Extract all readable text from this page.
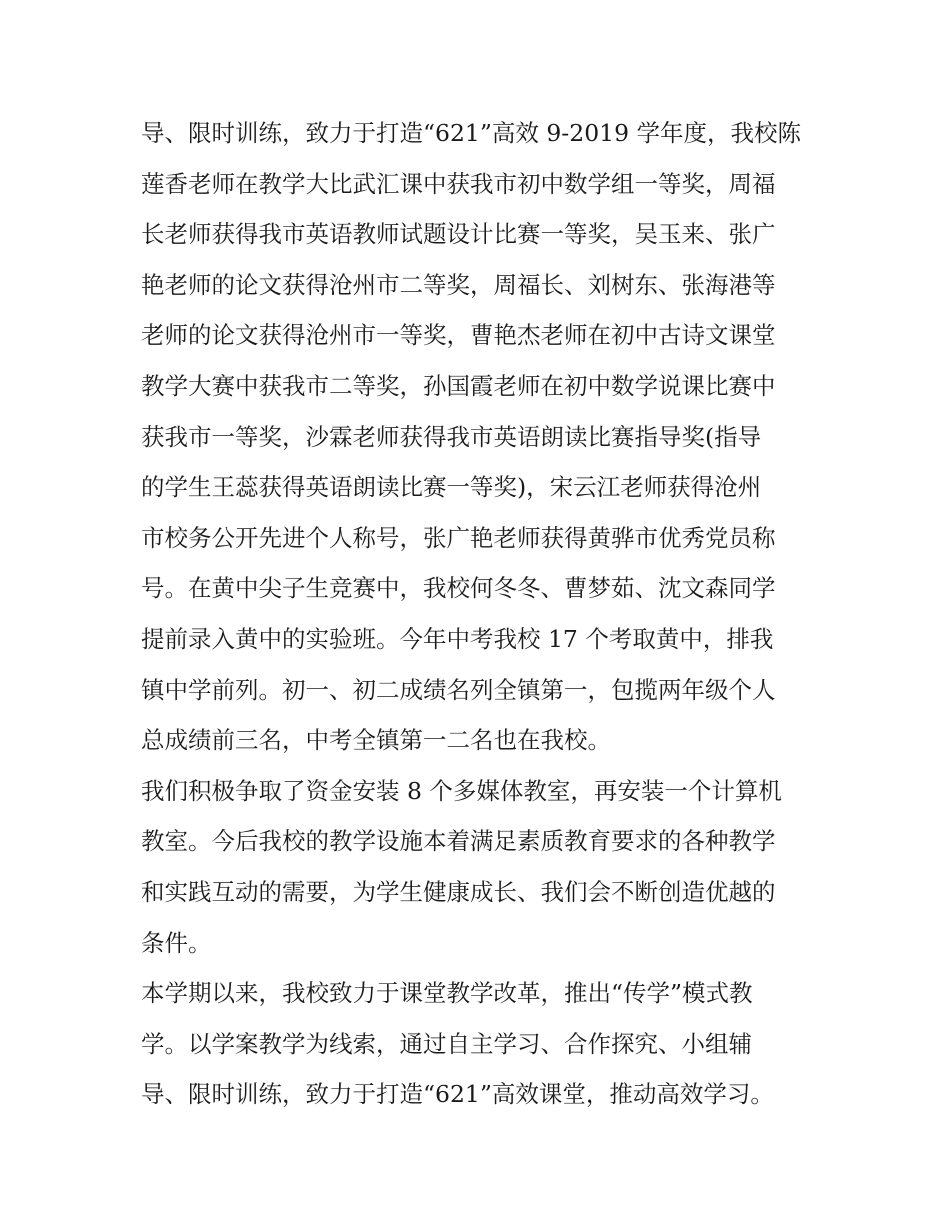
导、限时训练，致力于打造“621”高效 9-2019 学年度，我校陈
莲香老师在教学大比武汇课中获我市初中数学组一等奖，周福
长老师获得我市英语教师试题设计比赛一等奖，吴玉来、张广
艳老师的论文获得沧州市二等奖，周福长、刘树东、张海港等
老师的论文获得沧州市一等奖，曹艳杰老师在初中古诗文课堂
教学大赛中获我市二等奖，孙国霞老师在初中数学说课比赛中
获我市一等奖，沙霖老师获得我市英语朗读比赛指导奖(指导
的学生王蕊获得英语朗读比赛一等奖)，宋云江老师获得沧州
市校务公开先进个人称号，张广艳老师获得黄骅市优秀党员称
号。在黄中尖子生竞赛中，我校何冬冬、曹梦茹、沈文森同学
提前录入黄中的实验班。今年中考我校 17 个考取黄中，排我
镇中学前列。初一、初二成绩名列全镇第一，包揽两年级个人
总成绩前三名，中考全镇第一二名也在我校。
我们积极争取了资金安装 8 个多媒体教室，再安装一个计算机
教室。今后我校的教学设施本着满足素质教育要求的各种教学
和实践互动的需要，为学生健康成长、我们会不断创造优越的
条件。
本学期以来，我校致力于课堂教学改革，推出“传学”模式教
学。以学案教学为线索，通过自主学习、合作探究、小组辅
导、限时训练，致力于打造“621”高效课堂，推动高效学习。
